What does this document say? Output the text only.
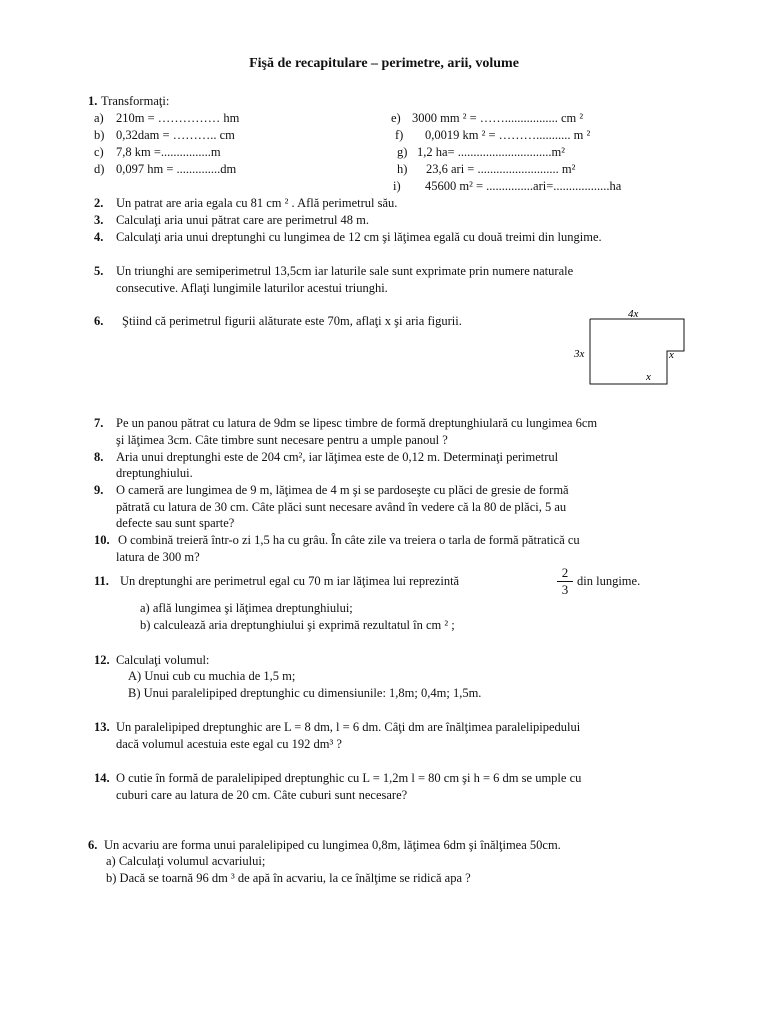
Fişă de recapitulare – perimetre, arii, volume
1. Transformaţi:
a) 210m = …………… hm
b) 0,32dam = ……….. cm
c) 7,8 km =................m
d) 0,097 hm = ..............dm
e) 3000 mm ² = ……................. cm ²
f) 0,0019 km ² = ………........... m ²
g) 1,2 ha= ..............................m²
h) 23,6 ari = .......................... m²
i) 45600 m² = ...............ari=..................ha
2. Un patrat are aria egala cu 81 cm ² . Află perimetrul său.
3. Calculaţi aria unui pătrat care are perimetrul 48 m.
4. Calculaţi aria unui dreptunghi cu lungimea de 12 cm şi lăţimea egală cu două treimi din lungime.
5. Un triunghi are semiperimetrul 13,5cm iar laturile sale sunt exprimate prin numere naturale
consecutive. Aflaţi lungimile laturilor acestui triunghi.
6. Ştiind că perimetrul figurii alăturate este 70m, aflaţi x şi aria figurii.	4x
3x	x
x
7. Pe un panou pătrat cu latura de 9dm se lipesc timbre de formă dreptunghiulară cu lungimea 6cm
şi lăţimea 3cm. Câte timbre sunt necesare pentru a umple panoul ?
8. Aria unui dreptunghi este de 204 cm², iar lăţimea este de 0,12 m. Determinaţi perimetrul
dreptunghiului.
9. O cameră are lungimea de 9 m, lăţimea de 4 m şi se pardoseşte cu plăci de gresie de formă
pătrată cu latura de 30 cm. Câte plăci sunt necesare având în vedere că la 80 de plăci, 5 au
defecte sau sunt sparte?
10. O combină treieră într-o zi 1,5 ha cu grâu. În câte zile va treiera o tarla de formă pătratică cu
latura de 300 m?
11. Un dreptunghi are perimetrul egal cu 70 m iar lăţimea lui reprezintă
2
3
din lungime.
a) află lungimea şi lăţimea dreptunghiului;
b) calculează aria dreptunghiului şi exprimă rezultatul în cm ² ;
12. Calculaţi volumul:
A) Unui cub cu muchia de 1,5 m;
B) Unui paralelipiped dreptunghic cu dimensiunile: 1,8m; 0,4m; 1,5m.
13. Un paralelipiped dreptunghic are L = 8 dm, l = 6 dm. Câţi dm are înălţimea paralelipipedului
dacă volumul acestuia este egal cu 192 dm³ ?
14. O cutie în formă de paralelipiped dreptunghic cu L = 1,2m l = 80 cm şi h = 6 dm se umple cu
cuburi care au latura de 20 cm. Câte cuburi sunt necesare?
6. Un acvariu are forma unui paralelipiped cu lungimea 0,8m, lăţimea 6dm şi înălţimea 50cm.
a) Calculaţi volumul acvariului;
b) Dacă se toarnă 96 dm ³ de apă în acvariu, la ce înălţime se ridică apa ?
